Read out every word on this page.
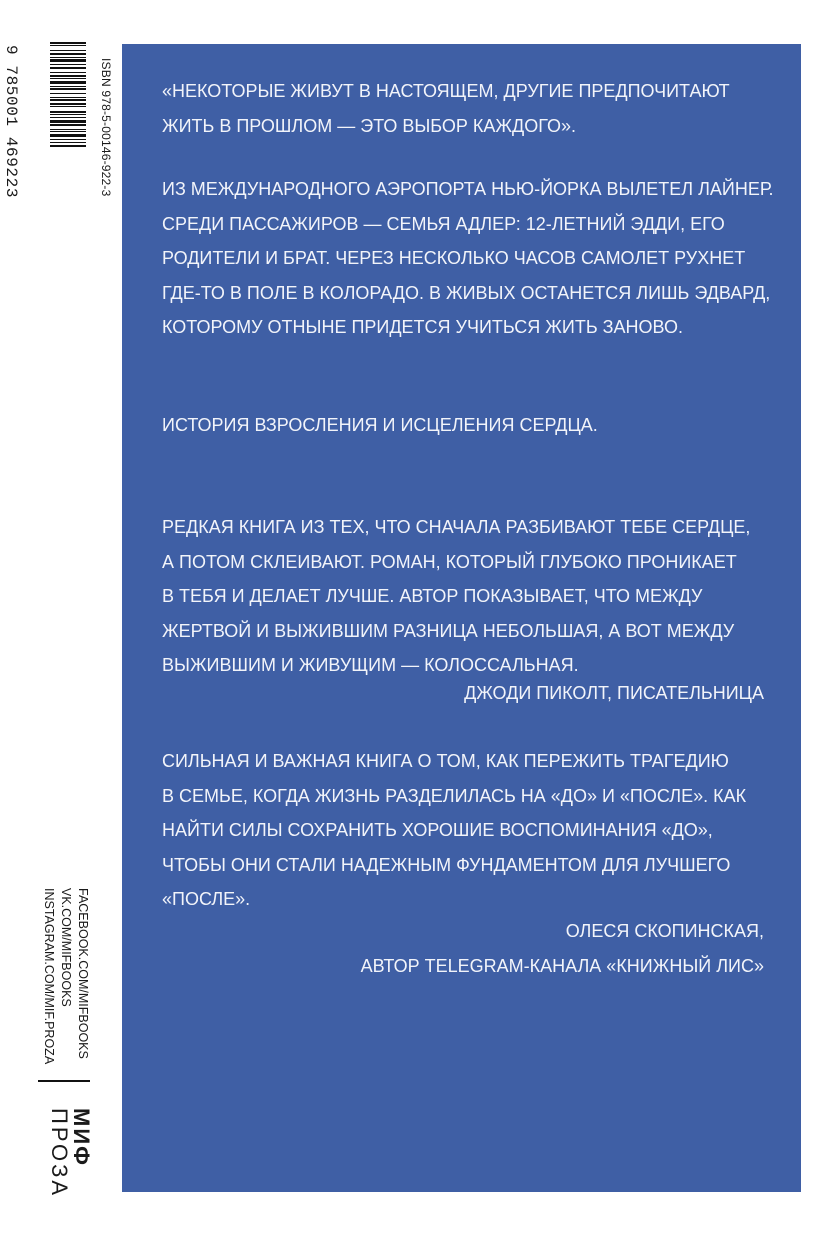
9 785001 469223	ISBN 978-5-00146-922-3
FACEBOOK.COM/MIFBOOKS
VK.COM/MIFBOOKS
INSTAGRAM.COM/MIF.PROZA
МИФ
ПРОЗА

«НЕКОТОРЫЕ ЖИВУТ В НАСТОЯЩЕМ, ДРУГИЕ ПРЕДПОЧИТАЮТ

ЖИТЬ В ПРОШЛОМ — ЭТО ВЫБОР КАЖДОГО».

ИЗ МЕЖДУНАРОДНОГО АЭРОПОРТА НЬЮ-ЙОРКА ВЫЛЕТЕЛ ЛАЙНЕР.

СРЕДИ ПАССАЖИРОВ — СЕМЬЯ АДЛЕР: 12-ЛЕТНИЙ ЭДДИ, ЕГО

РОДИТЕЛИ И БРАТ. ЧЕРЕЗ НЕСКОЛЬКО ЧАСОВ САМОЛЕТ РУХНЕТ

ГДЕ-ТО В ПОЛЕ В КОЛОРАДО. В ЖИВЫХ ОСТАНЕТСЯ ЛИШЬ ЭДВАРД,

КОТОРОМУ ОТНЫНЕ ПРИДЕТСЯ УЧИТЬСЯ ЖИТЬ ЗАНОВО.

ИСТОРИЯ ВЗРОСЛЕНИЯ И ИСЦЕЛЕНИЯ СЕРДЦА.

РЕДКАЯ КНИГА ИЗ ТЕХ, ЧТО СНАЧАЛА РАЗБИВАЮТ ТЕБЕ СЕРДЦЕ,

А ПОТОМ СКЛЕИВАЮТ. РОМАН, КОТОРЫЙ ГЛУБОКО ПРОНИКАЕТ

В ТЕБЯ И ДЕЛАЕТ ЛУЧШЕ. АВТОР ПОКАЗЫВАЕТ, ЧТО МЕЖДУ

ЖЕРТВОЙ И ВЫЖИВШИМ РАЗНИЦА НЕБОЛЬШАЯ, А ВОТ МЕЖДУ

ВЫЖИВШИМ И ЖИВУЩИМ — КОЛОССАЛЬНАЯ.

ДЖОДИ ПИКОЛТ, ПИСАТЕЛЬНИЦА

СИЛЬНАЯ И ВАЖНАЯ КНИГА О ТОМ, КАК ПЕРЕЖИТЬ ТРАГЕДИЮ

В СЕМЬЕ, КОГДА ЖИЗНЬ РАЗДЕЛИЛАСЬ НА «ДО» И «ПОСЛЕ». КАК

НАЙТИ СИЛЫ СОХРАНИТЬ ХОРОШИЕ ВОСПОМИНАНИЯ «ДО»,

ЧТОБЫ ОНИ СТАЛИ НАДЕЖНЫМ ФУНДАМЕНТОМ ДЛЯ ЛУЧШЕГО

«ПОСЛЕ».

ОЛЕСЯ СКОПИНСКАЯ,
АВТОР TELEGRAM-КАНАЛА «КНИЖНЫЙ ЛИС»
